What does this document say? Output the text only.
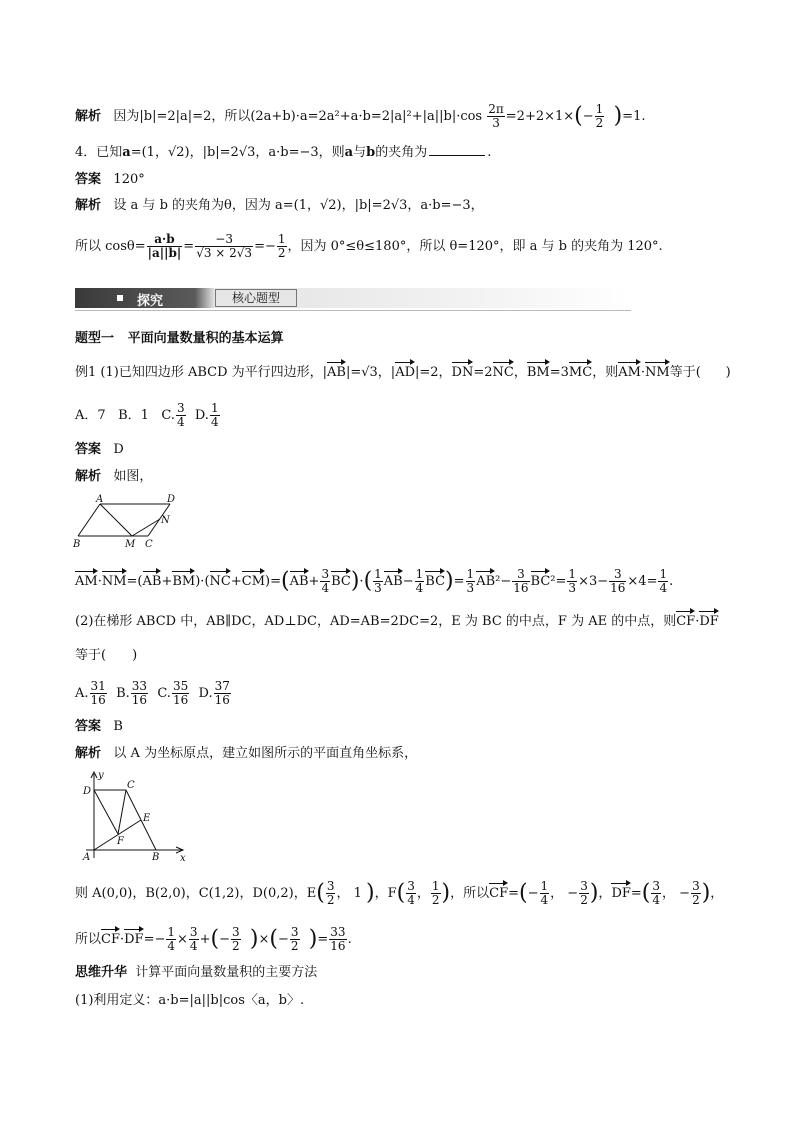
解析 因为|b|=2|a|=2，所以$(2a+b)\cdot a=2a^2+a\cdot b=2|a|^2+|a||b|\cdot\cos \frac{2\pi}{3} =2+2\times 1\times(- \frac{1}{2} )=1$.
4．已知a=(1，√2)，|b|=2√3，a·b=−3，则a与b的夹角为	.
答案 120°
解析 设 a 与 b 的夹角为θ，因为 a=(1，√2)，|b|=2√3，a·b=−3，
所以 $\cos\theta= \frac{a\cdot b}{|a||b|} = \frac{-3}{√3 \times 2√3} =- \frac{1}{2}$ ，因为 0°≤θ≤180°，所以 θ=120°，即 a 与 b 的夹角为 120°.
探究	核心题型
题型一 平面向量数量积的基本运算
例1 (1)已知四边形 ABCD 为平行四边形，|AB|=√3，|AD|=2，DN=2NC，BM=3MC，则AM·NM等于( )
A．7 B．1 C. $\frac{3}{4} D$. $\frac{1}{4}$
答案 D
解析 如图，
A	D
B	M C
N
$AM\cdot NM=(AB+BM)\cdot(NC+CM)=(AB+ \frac{3}{4} BC)\cdot( \frac{1}{3} AB- \frac{1}{4} BC)= \frac{1}{3} AB^2- \frac{3}{16} BC^2= \frac{1}{3} \times 3- \frac{3}{16} \times 4= \frac{1}{4}$ .
(2)在梯形 ABCD 中，AB∥DC，AD⊥DC，AD=AB=2DC=2，E 为 BC 的中点，F 为 AE 的中点，则CF·DF
等于(　　)
A. $\frac{31}{16} B$. $\frac{33}{16} C$. $\frac{35}{16} D$. $\frac{37}{16}$
答案 B
解析 以 A 为坐标原点，建立如图所示的平面直角坐标系，
y
x
D
C
E
F
A	B
则 A(0,0)，B(2,0)，C(1,2)，D(0,2)，$E( \frac{3}{2}$ ， 1 )，$F( \frac{3}{4}$ ， $\frac{1}{2}$ )，所以$CF=(- \frac{1}{4}$ ， − $\frac{3}{2}$ )，$DF=( \frac{3}{4}$ ， − $\frac{3}{2}$ )，
所以$CF\cdot DF=- \frac{1}{4} \times \frac{3}{4}$ +(− $\frac{3}{2}$ )×(− $\frac{3}{2}$ )= $\frac{33}{16}$ .
思维升华 计算平面向量数量积的主要方法
(1)利用定义：a·b=|a||b|cos〈a，b〉.
